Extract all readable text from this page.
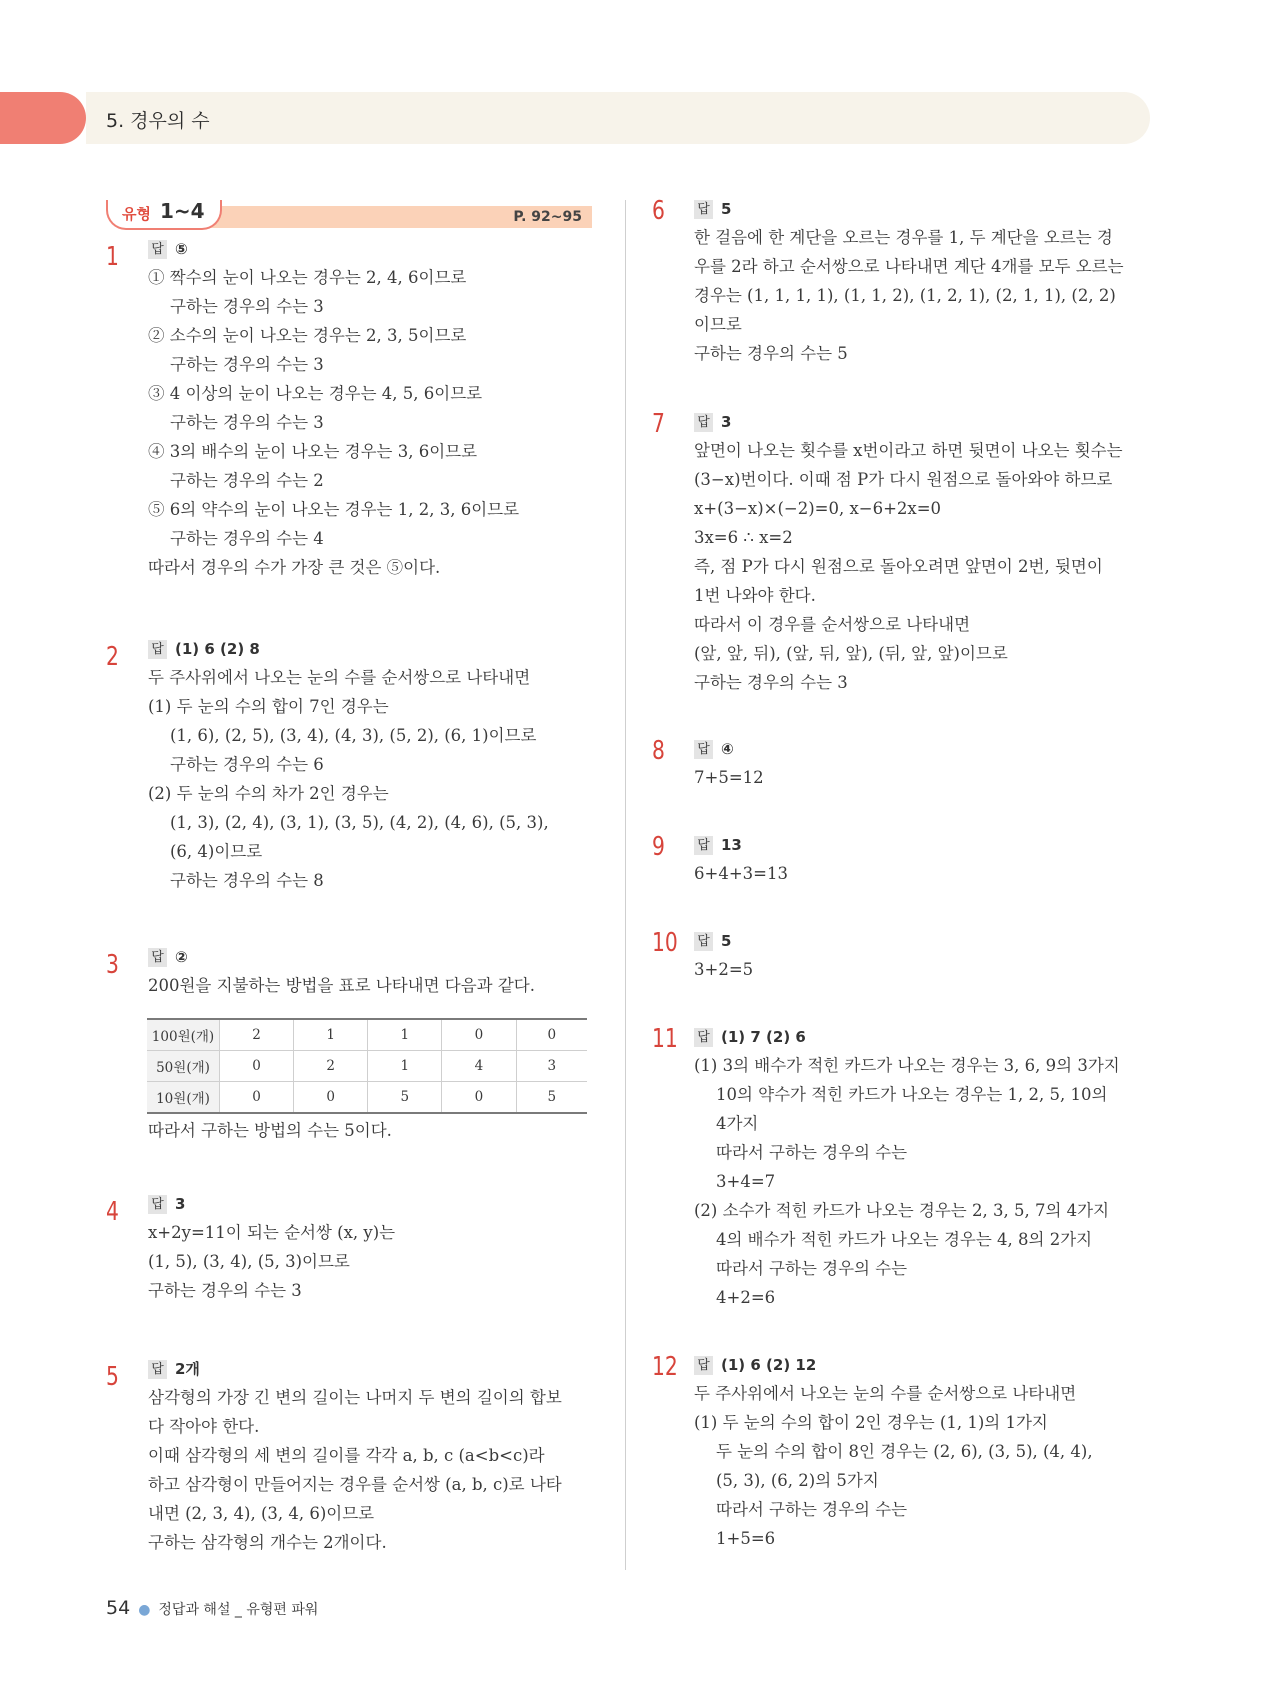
5. 경우의 수
유형 1~4	P. 92~95
1 답 ⑤
① 짝수의 눈이 나오는 경우는 2, 4, 6이므로
구하는 경우의 수는 3
② 소수의 눈이 나오는 경우는 2, 3, 5이므로
구하는 경우의 수는 3
③ 4 이상의 눈이 나오는 경우는 4, 5, 6이므로
구하는 경우의 수는 3
④ 3의 배수의 눈이 나오는 경우는 3, 6이므로
구하는 경우의 수는 2
⑤ 6의 약수의 눈이 나오는 경우는 1, 2, 3, 6이므로
구하는 경우의 수는 4
따라서 경우의 수가 가장 큰 것은 ⑤이다.
2 답 (1) 6 (2) 8
두 주사위에서 나오는 눈의 수를 순서쌍으로 나타내면
(1) 두 눈의 수의 합이 7인 경우는
(1, 6), (2, 5), (3, 4), (4, 3), (5, 2), (6, 1)이므로
구하는 경우의 수는 6
(2) 두 눈의 수의 차가 2인 경우는
(1, 3), (2, 4), (3, 1), (3, 5), (4, 2), (4, 6), (5, 3),
(6, 4)이므로
구하는 경우의 수는 8
3 답 ②
200원을 지불하는 방법을 표로 나타내면 다음과 같다.
100원(개)	2	1	1	0	0
50원(개)	0	2	1	4	3
10원(개)	0	0	5	0	5
따라서 구하는 방법의 수는 5이다.
4 답 3
x+2y=11이 되는 순서쌍 (x, y)는
(1, 5), (3, 4), (5, 3)이므로
구하는 경우의 수는 3
5 답 2개
삼각형의 가장 긴 변의 길이는 나머지 두 변의 길이의 합보
다 작아야 한다.
이때 삼각형의 세 변의 길이를 각각 a, b, c (a<b<c)라
하고 삼각형이 만들어지는 경우를 순서쌍 (a, b, c)로 나타
내면 (2, 3, 4), (3, 4, 6)이므로
구하는 삼각형의 개수는 2개이다.
6 답 5
한 걸음에 한 계단을 오르는 경우를 1, 두 계단을 오르는 경
우를 2라 하고 순서쌍으로 나타내면 계단 4개를 모두 오르는
경우는 (1, 1, 1, 1), (1, 1, 2), (1, 2, 1), (2, 1, 1), (2, 2)
이므로
구하는 경우의 수는 5
7 답 3
앞면이 나오는 횟수를 x번이라고 하면 뒷면이 나오는 횟수는
(3−x)번이다. 이때 점 P가 다시 원점으로 돌아와야 하므로
x+(3−x)×(−2)=0, x−6+2x=0
3x=6 ∴ x=2
즉, 점 P가 다시 원점으로 돌아오려면 앞면이 2번, 뒷면이
1번 나와야 한다.
따라서 이 경우를 순서쌍으로 나타내면
(앞, 앞, 뒤), (앞, 뒤, 앞), (뒤, 앞, 앞)이므로
구하는 경우의 수는 3
8 답 ④
7+5=12
9 답 13
6+4+3=13
10 답 5
3+2=5
11 답 (1) 7 (2) 6
(1) 3의 배수가 적힌 카드가 나오는 경우는 3, 6, 9의 3가지
10의 약수가 적힌 카드가 나오는 경우는 1, 2, 5, 10의
4가지
따라서 구하는 경우의 수는
3+4=7
(2) 소수가 적힌 카드가 나오는 경우는 2, 3, 5, 7의 4가지
4의 배수가 적힌 카드가 나오는 경우는 4, 8의 2가지
따라서 구하는 경우의 수는
4+2=6
12 답 (1) 6 (2) 12
두 주사위에서 나오는 눈의 수를 순서쌍으로 나타내면
(1) 두 눈의 수의 합이 2인 경우는 (1, 1)의 1가지
두 눈의 수의 합이 8인 경우는 (2, 6), (3, 5), (4, 4),
(5, 3), (6, 2)의 5가지
따라서 구하는 경우의 수는
1+5=6
54 ● 정답과 해설 _ 유형편 파워
